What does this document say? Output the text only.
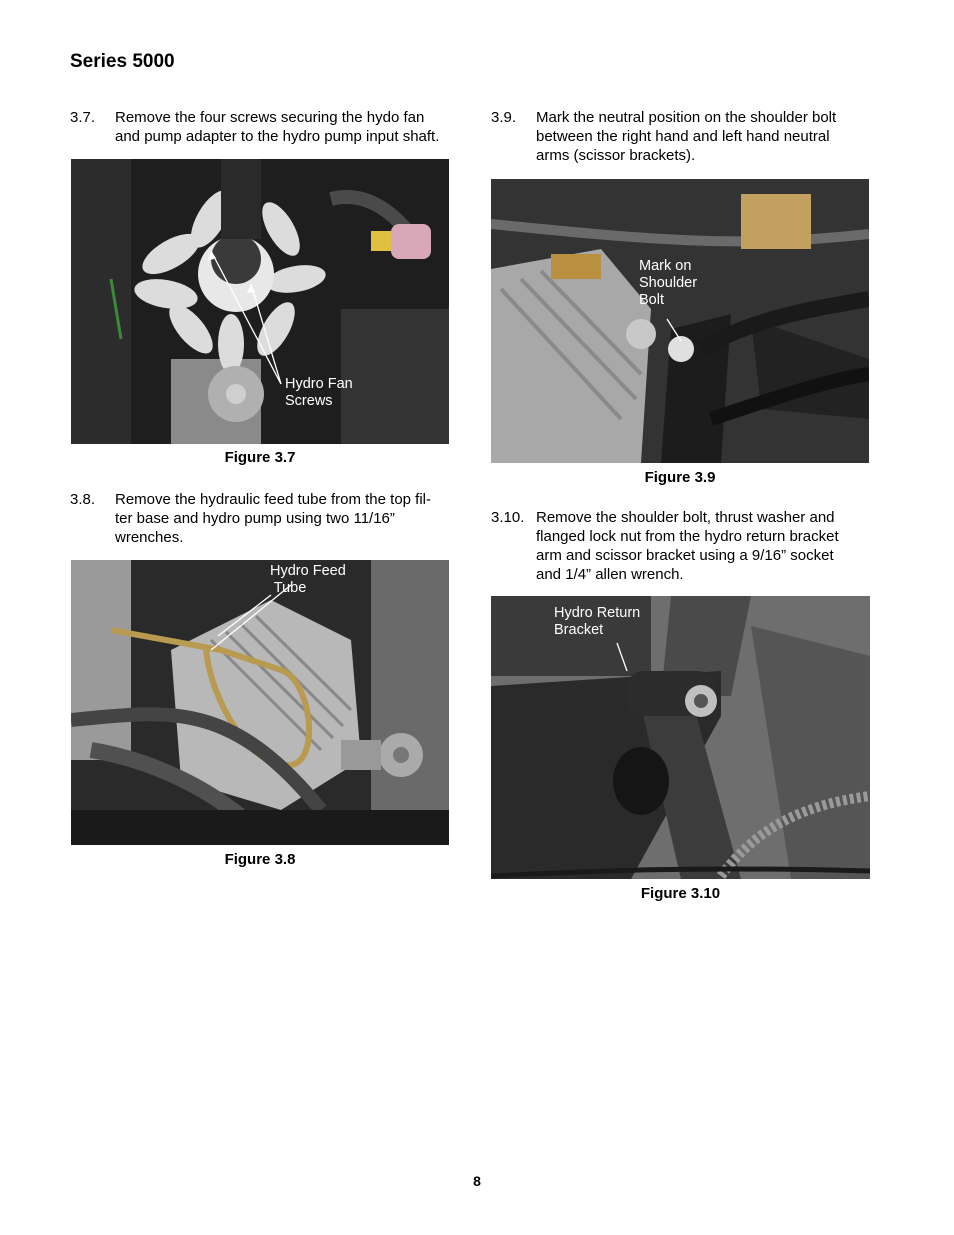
Series 5000
3.7. Remove the four screws securing the hydo fan
and pump adapter to the hydro pump input shaft.
Hydro Fan
Screws
Figure 3.7
3.8. Remove the hydraulic feed tube from the top fil-
ter base and hydro pump using two 11/16”
wrenches.
Hydro Feed
Tube
Figure 3.8
3.9. Mark the neutral position on the shoulder bolt
between the right hand and left hand neutral
arms (scissor brackets).
Mark on
Shoulder
Bolt
Figure 3.9
3.10. Remove the shoulder bolt, thrust washer and
flanged lock nut from the hydro return bracket
arm and scissor bracket using a 9/16” socket
and 1/4” allen wrench.
Hydro Return
Bracket
Figure 3.10
8
